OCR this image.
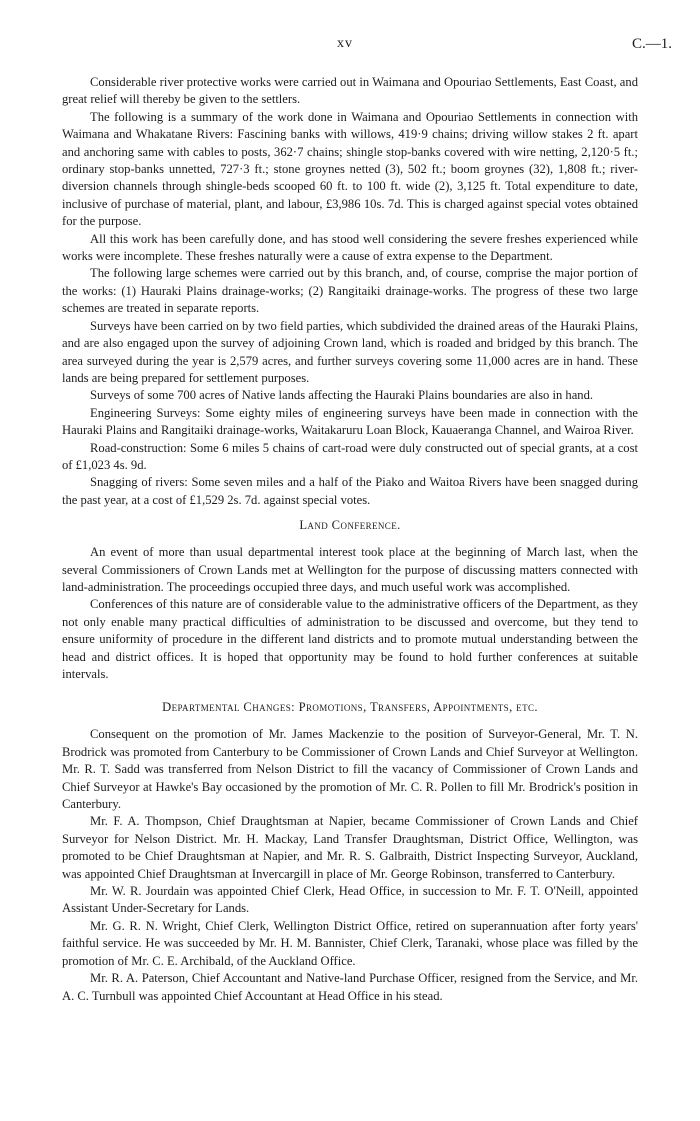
xv	C.—1.

Considerable river protective works were carried out in Waimana and Opouriao Settlements, East Coast, and great relief will thereby be given to the settlers.

The following is a summary of the work done in Waimana and Opouriao Settlements in connection with Waimana and Whakatane Rivers: Fascining banks with willows, 419·9 chains; driving willow stakes 2 ft. apart and anchoring same with cables to posts, 362·7 chains; shingle stop-banks covered with wire netting, 2,120·5 ft.; ordinary stop-banks unnetted, 727·3 ft.; stone groynes netted (3), 502 ft.; boom groynes (32), 1,808 ft.; river-diversion channels through shingle-beds scooped 60 ft. to 100 ft. wide (2), 3,125 ft. Total expenditure to date, inclusive of purchase of material, plant, and labour, £3,986 10s. 7d. This is charged against special votes obtained for the purpose.

All this work has been carefully done, and has stood well considering the severe freshes experienced while works were incomplete. These freshes naturally were a cause of extra expense to the Department.

The following large schemes were carried out by this branch, and, of course, comprise the major portion of the works: (1) Hauraki Plains drainage-works; (2) Rangitaiki drainage-works. The progress of these two large schemes are treated in separate reports.

Surveys have been carried on by two field parties, which subdivided the drained areas of the Hauraki Plains, and are also engaged upon the survey of adjoining Crown land, which is roaded and bridged by this branch. The area surveyed during the year is 2,579 acres, and further surveys covering some 11,000 acres are in hand. These lands are being prepared for settlement purposes.

Surveys of some 700 acres of Native lands affecting the Hauraki Plains boundaries are also in hand.

Engineering Surveys: Some eighty miles of engineering surveys have been made in connection with the Hauraki Plains and Rangitaiki drainage-works, Waitakaruru Loan Block, Kauaeranga Channel, and Wairoa River.

Road-construction: Some 6 miles 5 chains of cart-road were duly constructed out of special grants, at a cost of £1,023 4s. 9d.

Snagging of rivers: Some seven miles and a half of the Piako and Waitoa Rivers have been snagged during the past year, at a cost of £1,529 2s. 7d. against special votes.

Land Conference.

An event of more than usual departmental interest took place at the beginning of March last, when the several Commissioners of Crown Lands met at Wellington for the purpose of discussing matters connected with land-administration. The proceedings occupied three days, and much useful work was accomplished.

Conferences of this nature are of considerable value to the administrative officers of the Department, as they not only enable many practical difficulties of administration to be discussed and overcome, but they tend to ensure uniformity of procedure in the different land districts and to promote mutual understanding between the head and district offices. It is hoped that opportunity may be found to hold further conferences at suitable intervals.

Departmental Changes: Promotions, Transfers, Appointments, etc.

Consequent on the promotion of Mr. James Mackenzie to the position of Surveyor-General, Mr. T. N. Brodrick was promoted from Canterbury to be Commissioner of Crown Lands and Chief Surveyor at Wellington. Mr. R. T. Sadd was transferred from Nelson District to fill the vacancy of Commissioner of Crown Lands and Chief Surveyor at Hawke's Bay occasioned by the promotion of Mr. C. R. Pollen to fill Mr. Brodrick's position in Canterbury.

Mr. F. A. Thompson, Chief Draughtsman at Napier, became Commissioner of Crown Lands and Chief Surveyor for Nelson District. Mr. H. Mackay, Land Transfer Draughtsman, District Office, Wellington, was promoted to be Chief Draughtsman at Napier, and Mr. R. S. Galbraith, District Inspecting Surveyor, Auckland, was appointed Chief Draughtsman at Invercargill in place of Mr. George Robinson, transferred to Canterbury.

Mr. W. R. Jourdain was appointed Chief Clerk, Head Office, in succession to Mr. F. T. O'Neill, appointed Assistant Under-Secretary for Lands.

Mr. G. R. N. Wright, Chief Clerk, Wellington District Office, retired on superannuation after forty years' faithful service. He was succeeded by Mr. H. M. Bannister, Chief Clerk, Taranaki, whose place was filled by the promotion of Mr. C. E. Archibald, of the Auckland Office.

Mr. R. A. Paterson, Chief Accountant and Native-land Purchase Officer, resigned from the Service, and Mr. A. C. Turnbull was appointed Chief Accountant at Head Office in his stead.
